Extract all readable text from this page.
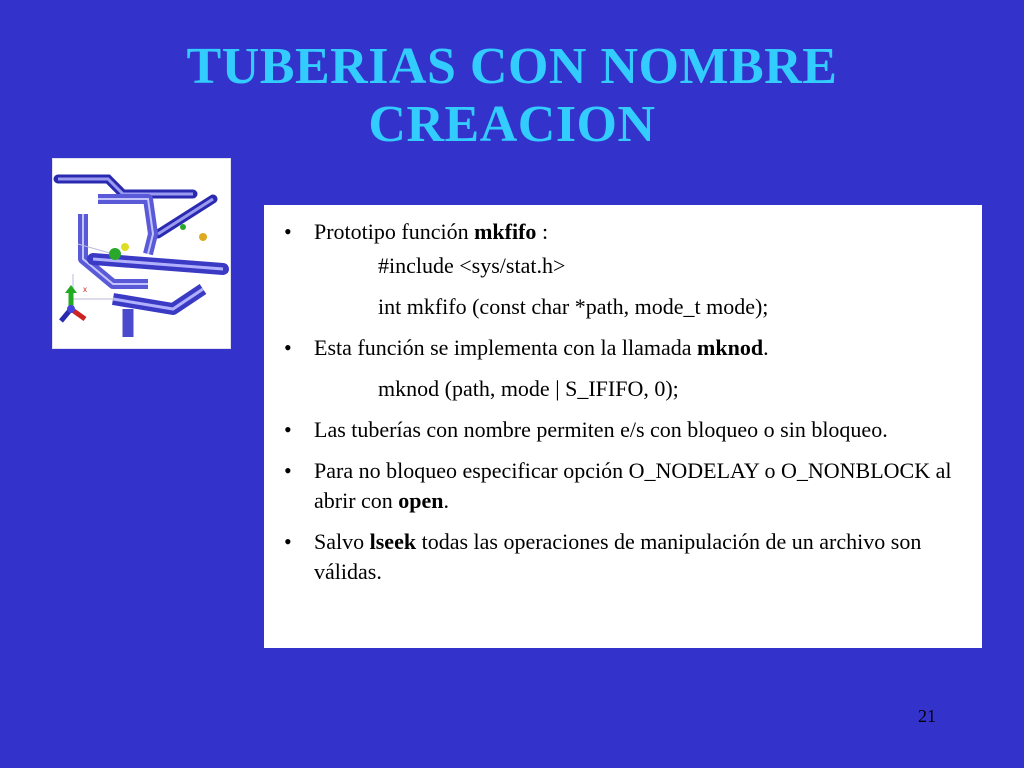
TUBERIAS CON NOMBRE
CREACION
x
• Prototipo función mkfifo :
#include <sys/stat.h>
int mkfifo (const char *path, mode_t mode);
• Esta función se implementa con la llamada mknod.
mknod (path, mode | S_IFIFO, 0);
• Las tuberías con nombre permiten e/s con bloqueo o sin bloqueo.
• Para no bloqueo especificar opción O_NODELAY o O_NONBLOCK al abrir con open.
• Salvo lseek todas las operaciones de manipulación de un archivo son válidas.
21
